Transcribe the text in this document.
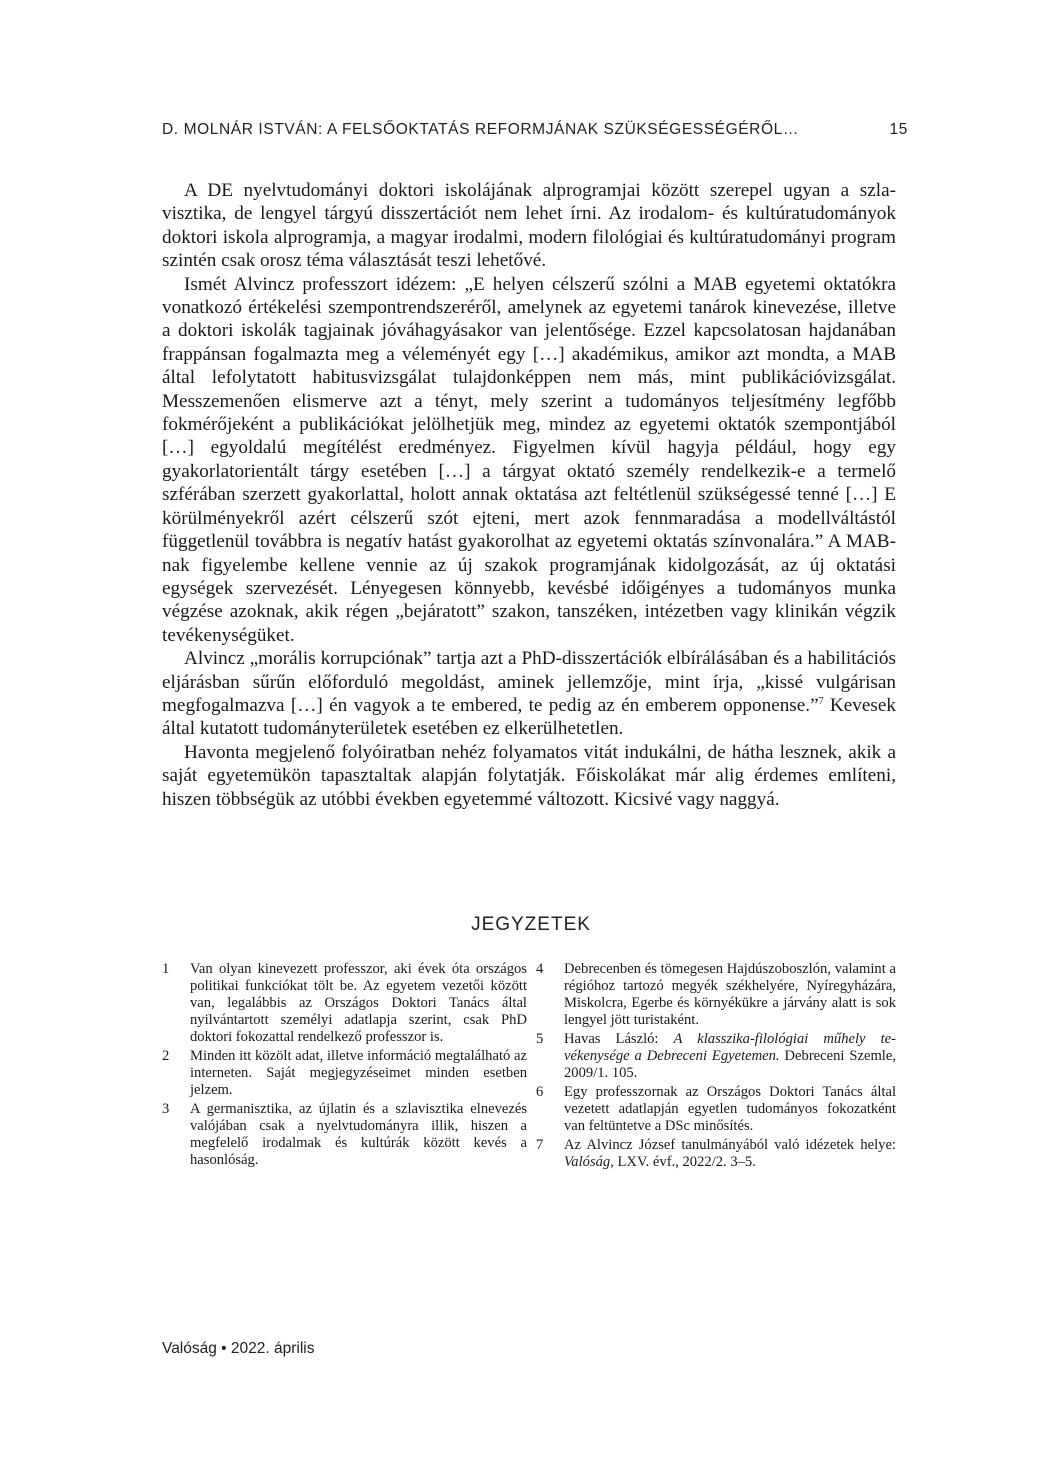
D. MOLNÁR ISTVÁN: A FELSŐOKTATÁS REFORMJÁNAK SZÜKSÉGESSÉGÉRŐL…	15

A DE nyelvtudományi doktori iskolájának alprogramjai között szerepel ugyan a szlavisztika, de lengyel tárgyú disszertációt nem lehet írni. Az irodalom- és kultúratudományok doktori iskola alprogramja, a magyar irodalmi, modern filológiai és kultúratudományi program szintén csak orosz téma választását teszi lehetővé.

Ismét Alvincz professzort idézem: „E helyen célszerű szólni a MAB egyetemi oktatókra vonatkozó értékelési szempontrendszeréről, amelynek az egyetemi tanárok kinevezése, illetve a doktori iskolák tagjainak jóváhagyásakor van jelentősége. Ezzel kapcsolatosan hajdanában frappánsan fogalmazta meg a véleményét egy […] akadémikus, amikor azt mondta, a MAB által lefolytatott habitusvizsgálat tulajdonképpen nem más, mint publikációvizsgálat. Messzemenően elismerve azt a tényt, mely szerint a tudományos teljesítmény legfőbb fokmérőjeként a publikációkat jelölhetjük meg, mindez az egyetemi oktatók szempontjából […] egyoldalú megítélést eredményez. Figyelmen kívül hagyja például, hogy egy gyakorlatorientált tárgy esetében […] a tárgyat oktató személy rendelkezik-e a termelő szférában szerzett gyakorlattal, holott annak oktatása azt feltétlenül szükségessé tenné […] E körülményekről azért célszerű szót ejteni, mert azok fennmaradása a modellváltástól függetlenül továbbra is negatív hatást gyakorolhat az egyetemi oktatás színvonalára.” A MAB-nak figyelembe kellene vennie az új szakok programjának kidolgozását, az új oktatási egységek szervezését. Lényegesen könnyebb, kevésbé időigényes a tudományos munka végzése azoknak, akik régen „bejáratott” szakon, tanszéken, intézetben vagy klinikán végzik tevékenységüket.

Alvincz „morális korrupciónak” tartja azt a PhD-disszertációk elbírálásában és a habilitációs eljárásban sűrűn előforduló megoldást, aminek jellemzője, mint írja, „kissé vulgárisan megfogalmazva […] én vagyok a te embered, te pedig az én emberem opponense.”$^7$ Kevesek által kutatott tudományterületek esetében ez elkerülhetetlen.

Havonta megjelenő folyóiratban nehéz folyamatos vitát indukálni, de hátha lesznek, akik a saját egyetemükön tapasztaltak alapján folytatják. Főiskolákat már alig érdemes említeni, hiszen többségük az utóbbi években egyetemmé változott. Kicsivé vagy naggyá.

JEGYZETEK
1	Van olyan kinevezett professzor, aki évek óta országos politikai funkciókat tölt be. Az egyetem vezetői között van, legalábbis az Országos Doktori Tanács által nyilvántartott személyi adatlapja szerint, csak PhD doktori fokozattal rendelkező professzor is.
2	Minden itt közölt adat, illetve információ megtalálható az interneten. Saját megjegyzéseimet minden esetben jelzem.
3	A germanisztika, az újlatin és a szlavisztika elnevezés valójában csak a nyelvtudományra illik, hiszen a megfelelő irodalmak és kultúrák között kevés a hasonlóság.
4	Debrecenben és tömegesen Hajdúszoboszlón, valamint a régióhoz tartozó megyék székhelyére, Nyíregyházára, Miskolcra, Egerbe és környékükre a járvány alatt is sok lengyel jött turistaként.
5	Havas László: A klasszika-filológiai műhely tevékenysége a Debreceni Egyetemen. Debreceni Szemle, 2009/1. 105.
6	Egy professzornak az Országos Doktori Tanács által vezetett adatlapján egyetlen tudományos fokozatként van feltüntetve a DSc minősítés.
7	Az Alvincz József tanulmányából való idézetek helye: Valóság, LXV. évf., 2022/2. 3–5.
Valóság • 2022. április
